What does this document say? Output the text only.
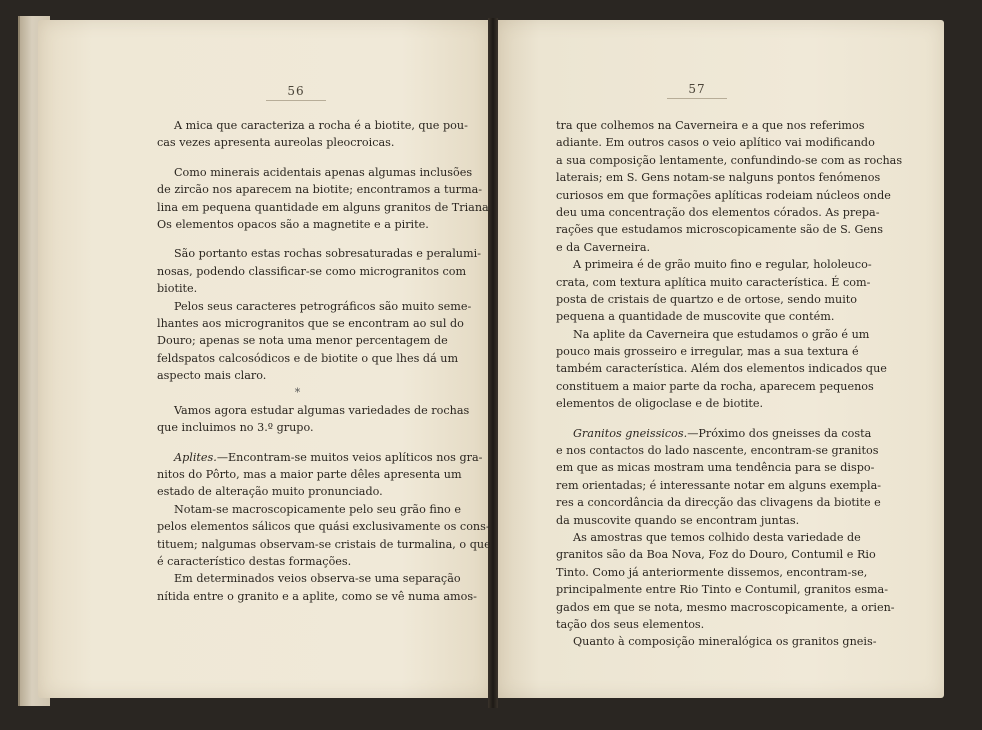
56	57
A mica que caracteriza a rocha é a biotite, que pou-
cas vezes apresenta aureolas pleocroicas.
Como minerais acidentais apenas algumas inclusões
de zircão nos aparecem na biotite; encontramos a turma-
lina em pequena quantidade em alguns granitos de Triana.
Os elementos opacos são a magnetite e a pirite.
São portanto estas rochas sobresaturadas e peralumi-
nosas, podendo classificar-se como microgranitos com
biotite.
Pelos seus caracteres petrográficos são muito seme-
lhantes aos microgranitos que se encontram ao sul do
Douro; apenas se nota uma menor percentagem de
feldspatos calcosódicos e de biotite o que lhes dá um
aspecto mais claro.
*
Vamos agora estudar algumas variedades de rochas
que incluimos no 3.º grupo.
Aplites.—Encontram-se muitos veios aplíticos nos gra-
nitos do Pôrto, mas a maior parte dêles apresenta um
estado de alteração muito pronunciado.
Notam-se macroscopicamente pelo seu grão fino e
pelos elementos sálicos que quási exclusivamente os cons-
tituem; nalgumas observam-se cristais de turmalina, o que
é característico destas formações.
Em determinados veios observa-se uma separação
nítida entre o granito e a aplite, como se vê numa amos-
tra que colhemos na Caverneira e a que nos referimos
adiante. Em outros casos o veio aplítico vai modificando
a sua composição lentamente, confundindo-se com as rochas
laterais; em S. Gens notam-se nalguns pontos fenómenos
curiosos em que formações aplíticas rodeiam núcleos onde
deu uma concentração dos elementos córados. As prepa-
rações que estudamos microscopicamente são de S. Gens
e da Caverneira.
A primeira é de grão muito fino e regular, hololeuco-
crata, com textura aplítica muito característica. É com-
posta de cristais de quartzo e de ortose, sendo muito
pequena a quantidade de muscovite que contém.
Na aplite da Caverneira que estudamos o grão é um
pouco mais grosseiro e irregular, mas a sua textura é
também característica. Além dos elementos indicados que
constituem a maior parte da rocha, aparecem pequenos
elementos de oligoclase e de biotite.
Granitos gneissicos.—Próximo dos gneisses da costa
e nos contactos do lado nascente, encontram-se granitos
em que as micas mostram uma tendência para se dispo-
rem orientadas; é interessante notar em alguns exempla-
res a concordância da direcção das clivagens da biotite e
da muscovite quando se encontram juntas.
As amostras que temos colhido desta variedade de
granitos são da Boa Nova, Foz do Douro, Contumil e Rio
Tinto. Como já anteriormente dissemos, encontram-se,
principalmente entre Rio Tinto e Contumil, granitos esma-
gados em que se nota, mesmo macroscopicamente, a orien-
tação dos seus elementos.
Quanto à composição mineralógica os granitos gneis-
